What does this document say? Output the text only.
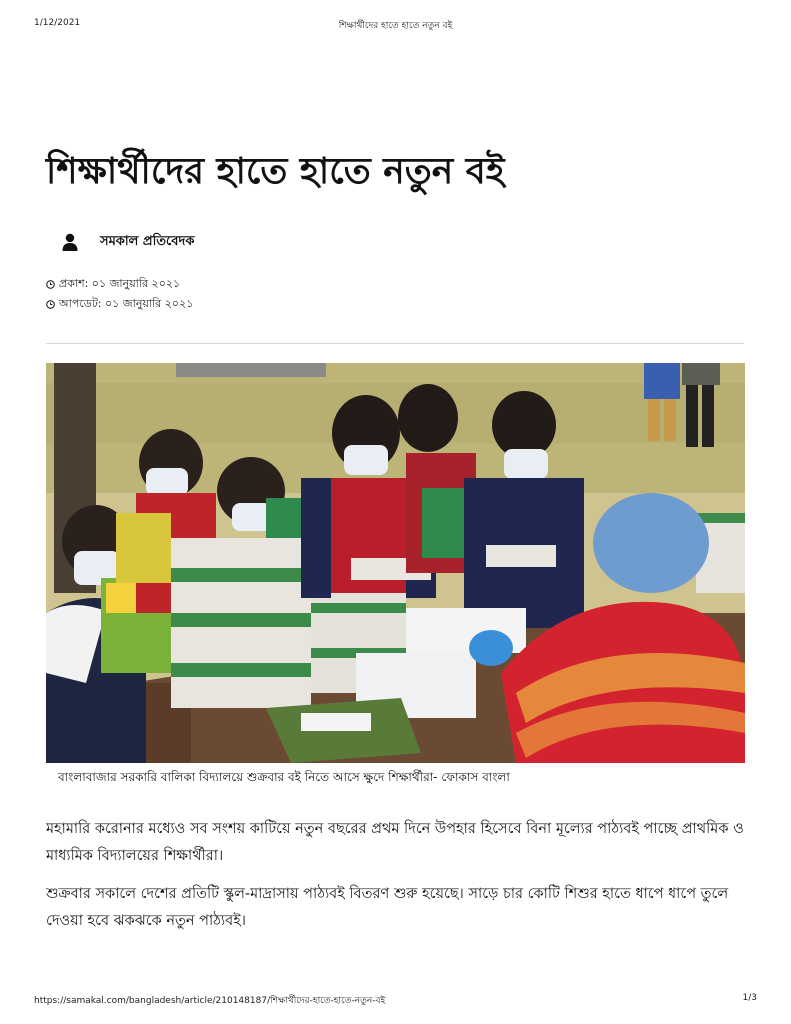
1/12/2021	শিক্ষার্থীদের হাতে হাতে নতুন বই
শিক্ষার্থীদের হাতে হাতে নতুন বই
সমকাল প্রতিবেদক
প্রকাশ: ০১ জানুয়ারি ২০২১
আপডেট: ০১ জানুয়ারি ২০২১
বাংলাবাজার সরকারি বালিকা বিদ্যালয়ে শুক্রবার বই নিতে আসে ক্ষুদে শিক্ষার্থীরা- ফোকাস বাংলা

মহামারি করোনার মধ্যেও সব সংশয় কাটিয়ে নতুন বছরের প্রথম দিনে উপহার হিসেবে বিনা মূল্যের পাঠ্যবই পাচ্ছে প্রাথমিক ও মাধ্যমিক বিদ্যালয়ের শিক্ষার্থীরা।

শুক্রবার সকালে দেশের প্রতিটি স্কুল-মাদ্রাসায় পাঠ্যবই বিতরণ শুরু হয়েছে। সাড়ে চার কোটি শিশুর হাতে ধাপে ধাপে তুলে দেওয়া হবে ঝকঝকে নতুন পাঠ্যবই।

https://samakal.com/bangladesh/article/210148187/শিক্ষার্থীদের-হাতে-হাতে-নতুন-বই	1/3
